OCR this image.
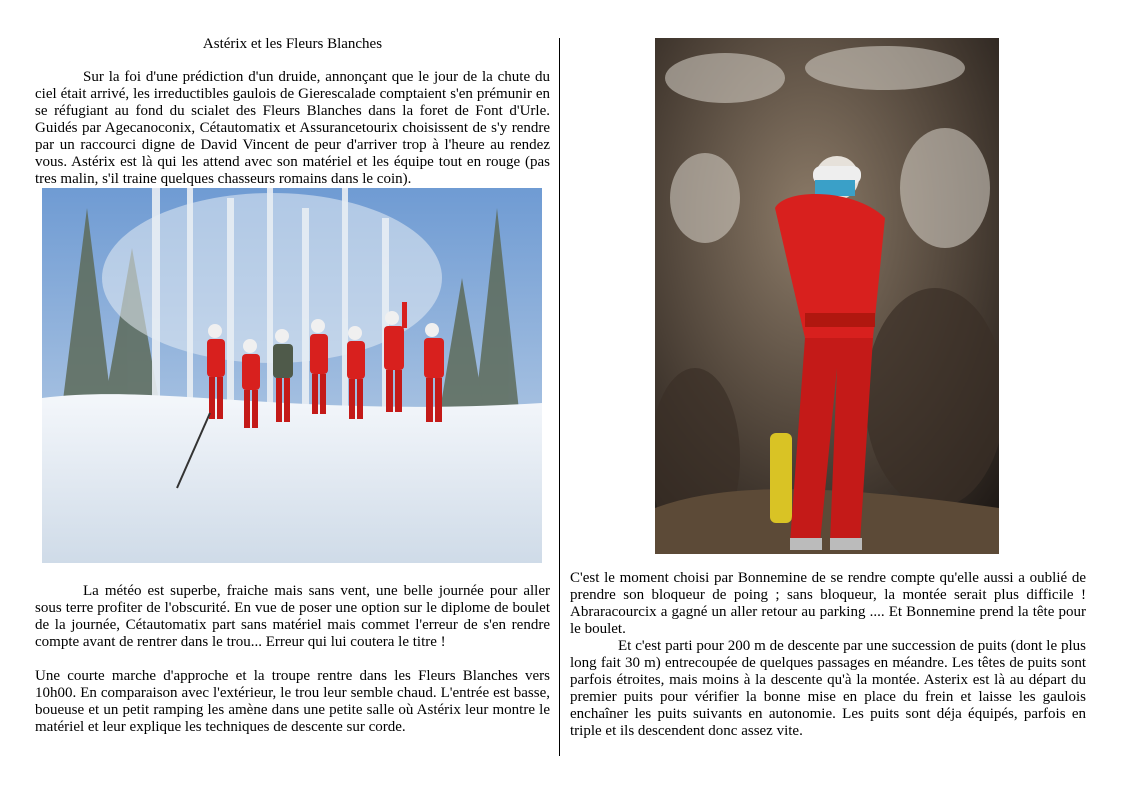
Astérix et les Fleurs Blanches

Sur la foi d'une prédiction d'un druide, annonçant que le jour de la chute du ciel était arrivé, les irreductibles gaulois de Gierescalade comptaient s'en prémunir en se réfugiant au fond du scialet des Fleurs Blanches dans la foret de Font d'Urle. Guidés par Agecanoconix, Cétautomatix et Assurancetourix choisissent de s'y rendre par un raccourci digne de David Vincent de peur d'arriver trop à l'heure au rendez vous. Astérix est là qui les attend avec son matériel et les équipe tout en rouge (pas tres malin, s'il traine quelques chasseurs romains dans le coin).

La météo est superbe, fraiche mais sans vent, une belle journée pour aller sous terre profiter de l'obscurité. En vue de poser une option sur le diplome de boulet de la journée, Cétautomatix part sans matériel mais commet l'erreur de s'en rendre compte avant de rentrer dans le trou... Erreur qui lui coutera le titre !

Une courte marche d'approche et la troupe rentre dans les Fleurs Blanches vers 10h00. En comparaison avec l'extérieur, le trou leur semble chaud. L'entrée est basse, boueuse et un petit ramping les amène dans une petite salle où Astérix leur montre le matériel et leur explique les techniques de descente sur corde.

C'est le moment choisi par Bonnemine de se rendre compte qu'elle aussi a oublié de prendre son bloqueur de poing ; sans bloqueur, la montée serait plus difficile ! Abraracourcix a gagné un aller retour au parking .... Et Bonnemine prend la tête pour le boulet.

Et c'est parti pour 200 m de descente par une succession de puits (dont le plus long fait 30 m) entrecoupée de quelques passages en méandre. Les têtes de puits sont parfois étroites, mais moins à la descente qu'à la montée. Asterix est là au départ du premier puits pour vérifier la bonne mise en place du frein et laisse les gaulois enchaîner les puits suivants en autonomie. Les puits sont déja équipés, parfois en triple et ils descendent donc assez vite.
